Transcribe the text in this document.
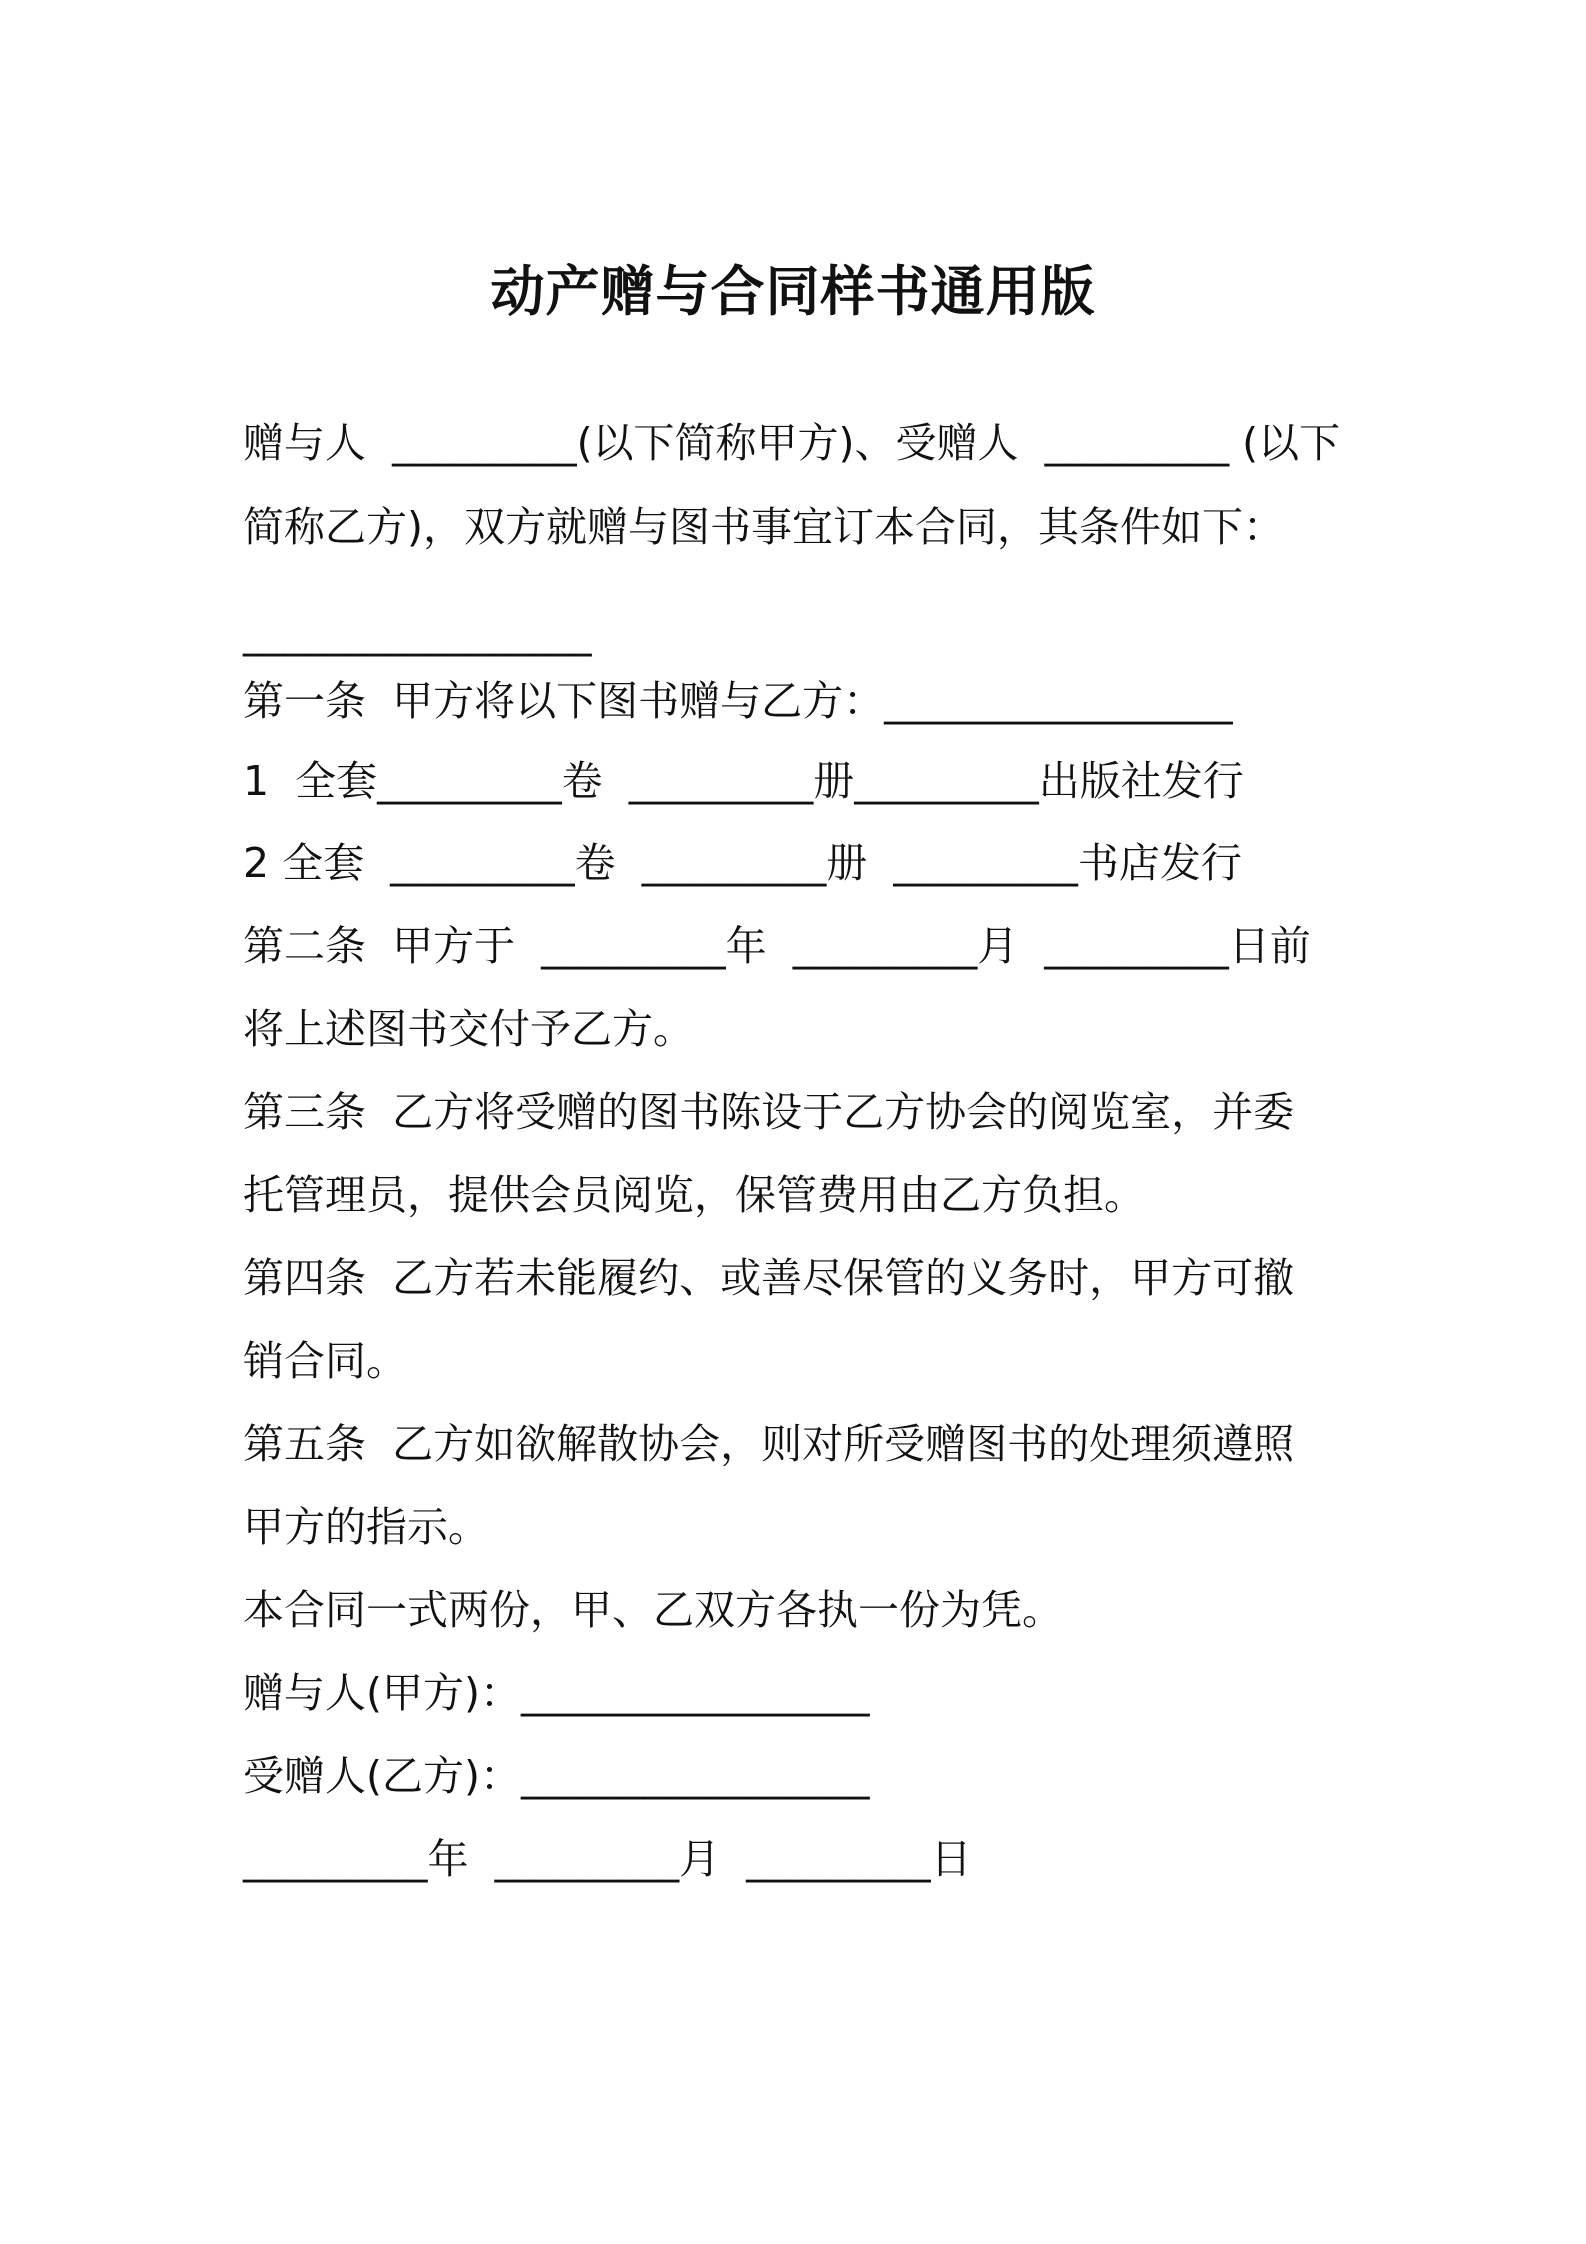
动产赠与合同样书通用版
赠与人  _________(以下简称甲方)、受赠人  _________ (以下
简称乙方)，双方就赠与图书事宜订本合同，其条件如下：
_________________
第一条  甲方将以下图书赠与乙方：_________________
1  全套_________卷  _________册_________出版社发行
2 全套  _________卷  _________册  _________书店发行
第二条  甲方于  _________年  _________月  _________日前
将上述图书交付予乙方。
第三条  乙方将受赠的图书陈设于乙方协会的阅览室，并委
托管理员，提供会员阅览，保管费用由乙方负担。
第四条  乙方若未能履约、或善尽保管的义务时，甲方可撤
销合同。
第五条  乙方如欲解散协会，则对所受赠图书的处理须遵照
甲方的指示。
本合同一式两份，甲、乙双方各执一份为凭。
赠与人(甲方)：_________________
受赠人(乙方)：_________________
_________年  _________月  _________日
